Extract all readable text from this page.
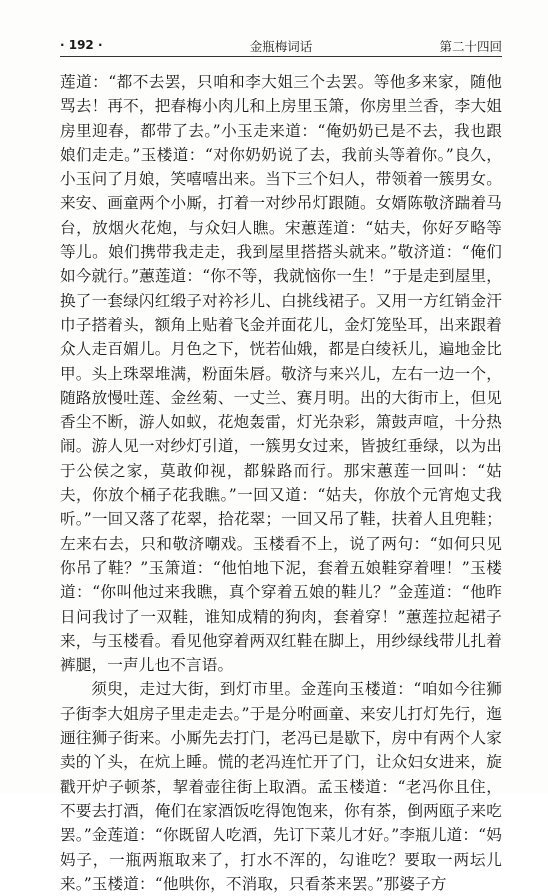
· 192 ·	金瓶梅词话	第二十四回

莲道：“都不去罢，只咱和李大姐三个去罢。等他多来家，随他骂去！再不，把春梅小肉儿和上房里玉箫，你房里兰香，李大姐房里迎春，都带了去。”小玉走来道：“俺奶奶已是不去，我也跟娘们走走。”玉楼道：“对你奶奶说了去，我前头等着你。”良久，小玉问了月娘，笑嘻嘻出来。当下三个妇人，带领着一簇男女。来安、画童两个小厮，打着一对纱吊灯跟随。女婿陈敬济踹着马台，放烟火花炮，与众妇人瞧。宋蕙莲道：“姑夫，你好歹略等等儿。娘们携带我走走，我到屋里搭搭头就来。”敬济道：“俺们如今就行。”蕙莲道：“你不等，我就恼你一生！”于是走到屋里，换了一套绿闪红缎子对衿衫儿、白挑线裙子。又用一方红销金汗巾子搭着头，额角上贴着飞金并面花儿，金灯笼坠耳，出来跟着众人走百媚儿。月色之下，恍若仙娥，都是白绫袄儿，遍地金比甲。头上珠翠堆满，粉面朱唇。敬济与来兴儿，左右一边一个，随路放慢吐莲、金丝菊、一丈兰、赛月明。出的大街市上，但见香尘不断，游人如蚁，花炮轰雷，灯光杂彩，箫鼓声喧，十分热闹。游人见一对纱灯引道，一簇男女过来，皆披红垂绿，以为出于公侯之家，莫敢仰视，都躲路而行。那宋蕙莲一回叫：“姑夫，你放个桶子花我瞧。”一回又道：“姑夫，你放个元宵炮丈我听。”一回又落了花翠，拾花翠；一回又吊了鞋，扶着人且兜鞋；左来右去，只和敬济嘲戏。玉楼看不上，说了两句：“如何只见你吊了鞋？”玉箫道：“他怕地下泥，套着五娘鞋穿着哩！”玉楼道：“你叫他过来我瞧，真个穿着五娘的鞋儿？”金莲道：“他昨日问我讨了一双鞋，谁知成精的狗肉，套着穿！”蕙莲拉起裙子来，与玉楼看。看见他穿着两双红鞋在脚上，用纱绿线带儿扎着裤腿，一声儿也不言语。

须臾，走过大街，到灯市里。金莲向玉楼道：“咱如今往狮子街李大姐房子里走走去。”于是分咐画童、来安儿打灯先行，迤逦往狮子街来。小厮先去打门，老冯已是歇下，房中有两个人家卖的丫头，在炕上睡。慌的老冯连忙开了门，让众妇女进来，旋戳开炉子顿茶，挈着壶往街上取酒。孟玉楼道：“老冯你且住，不要去打酒，俺们在家酒饭吃得饱饱来，你有茶，倒两瓯子来吃罢。”金莲道：“你既留人吃酒，先订下菜儿才好。”李瓶儿道：“妈妈子，一瓶两瓶取来了，打水不浑的，勾谁吃？要取一两坛儿来。”玉楼道：“他哄你，不消取，只看茶来罢。”那婆子方
